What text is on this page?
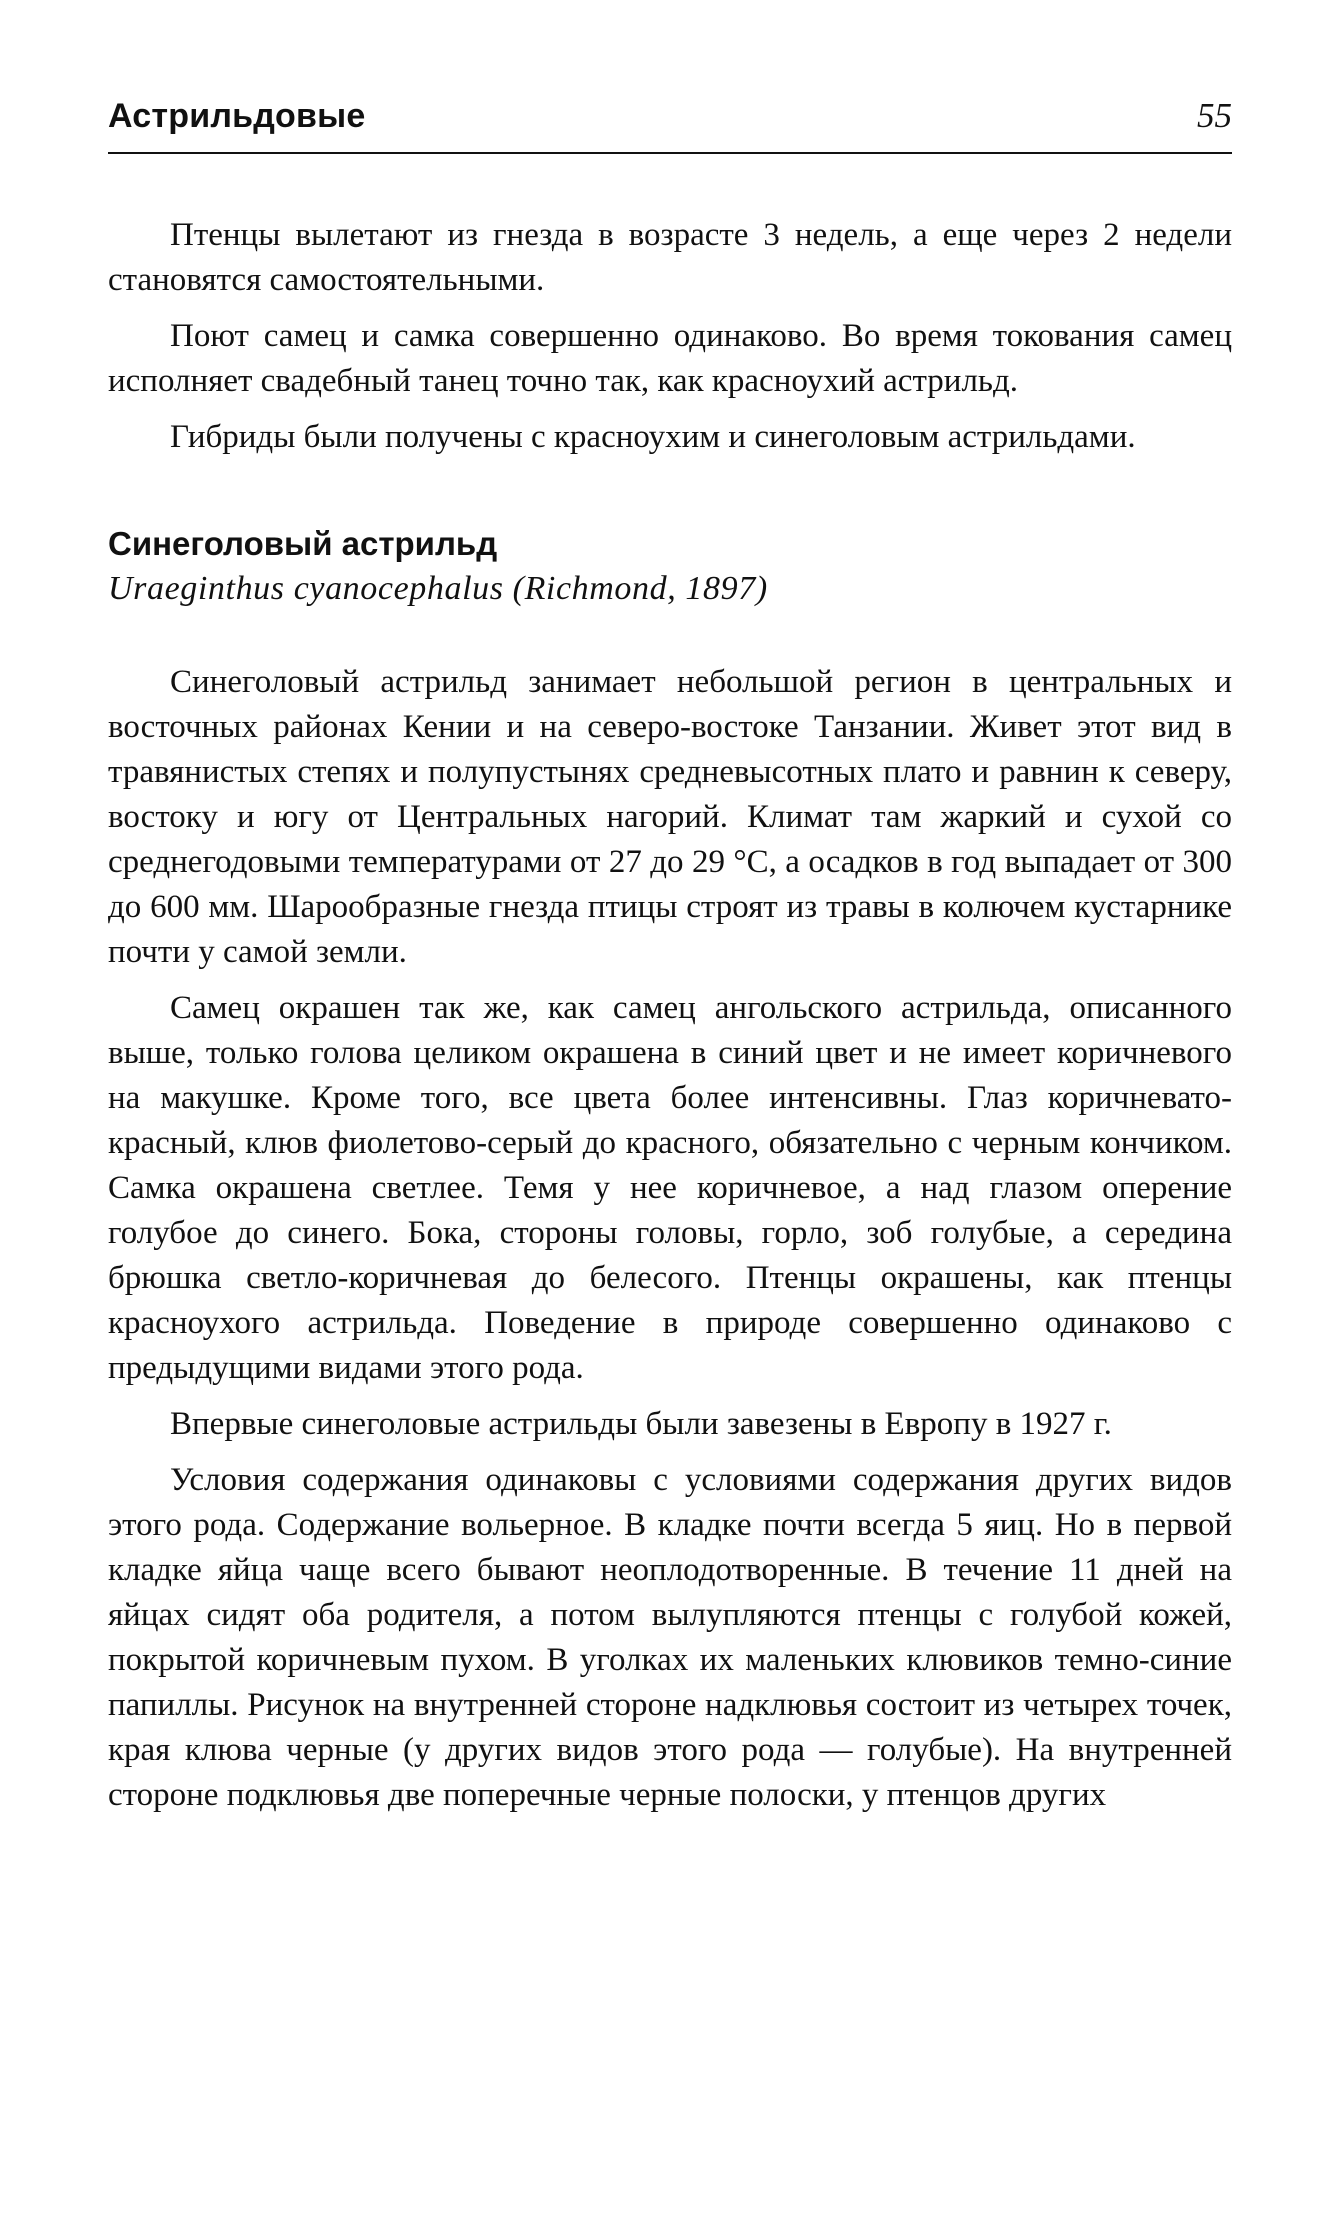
Астрильдовые	55

Птенцы вылетают из гнезда в возрасте 3 недель, а еще через 2 недели становятся самостоятельными.

Поют самец и самка совершенно одинаково. Во время токования самец исполняет свадебный танец точно так, как красноухий астрильд.

Гибриды были получены с красноухим и синеголовым астрильдами.

Синеголовый астрильд
Uraeginthus cyanocephalus (Richmond, 1897)

Синеголовый астрильд занимает небольшой регион в центральных и восточных районах Кении и на северо-востоке Танзании. Живет этот вид в травянистых степях и полупустынях средневысотных плато и равнин к северу, востоку и югу от Центральных нагорий. Климат там жаркий и сухой со среднегодовыми температурами от 27 до 29 °С, а осадков в год выпадает от 300 до 600 мм. Шарообразные гнезда птицы строят из травы в колючем кустарнике почти у самой земли.

Самец окрашен так же, как самец ангольского астрильда, описанного выше, только голова целиком окрашена в синий цвет и не имеет коричневого на макушке. Кроме того, все цвета более интенсивны. Глаз коричневато-красный, клюв фиолетово-серый до красного, обязательно с черным кончиком. Самка окрашена светлее. Темя у нее коричневое, а над глазом оперение голубое до синего. Бока, стороны головы, горло, зоб голубые, а середина брюшка светло-коричневая до белесого. Птенцы окрашены, как птенцы красноухого астрильда. Поведение в природе совершенно одинаково с предыдущими видами этого рода.

Впервые синеголовые астрильды были завезены в Европу в 1927 г.

Условия содержания одинаковы с условиями содержания других видов этого рода. Содержание вольерное. В кладке почти всегда 5 яиц. Но в первой кладке яйца чаще всего бывают неоплодотворенные. В течение 11 дней на яйцах сидят оба родителя, а потом вылупляются птенцы с голубой кожей, покрытой коричневым пухом. В уголках их маленьких клювиков темно-синие папиллы. Рисунок на внутренней стороне надклювья состоит из четырех точек, края клюва черные (у других видов этого рода — голубые). На внутренней стороне подклювья две поперечные черные полоски, у птенцов других
